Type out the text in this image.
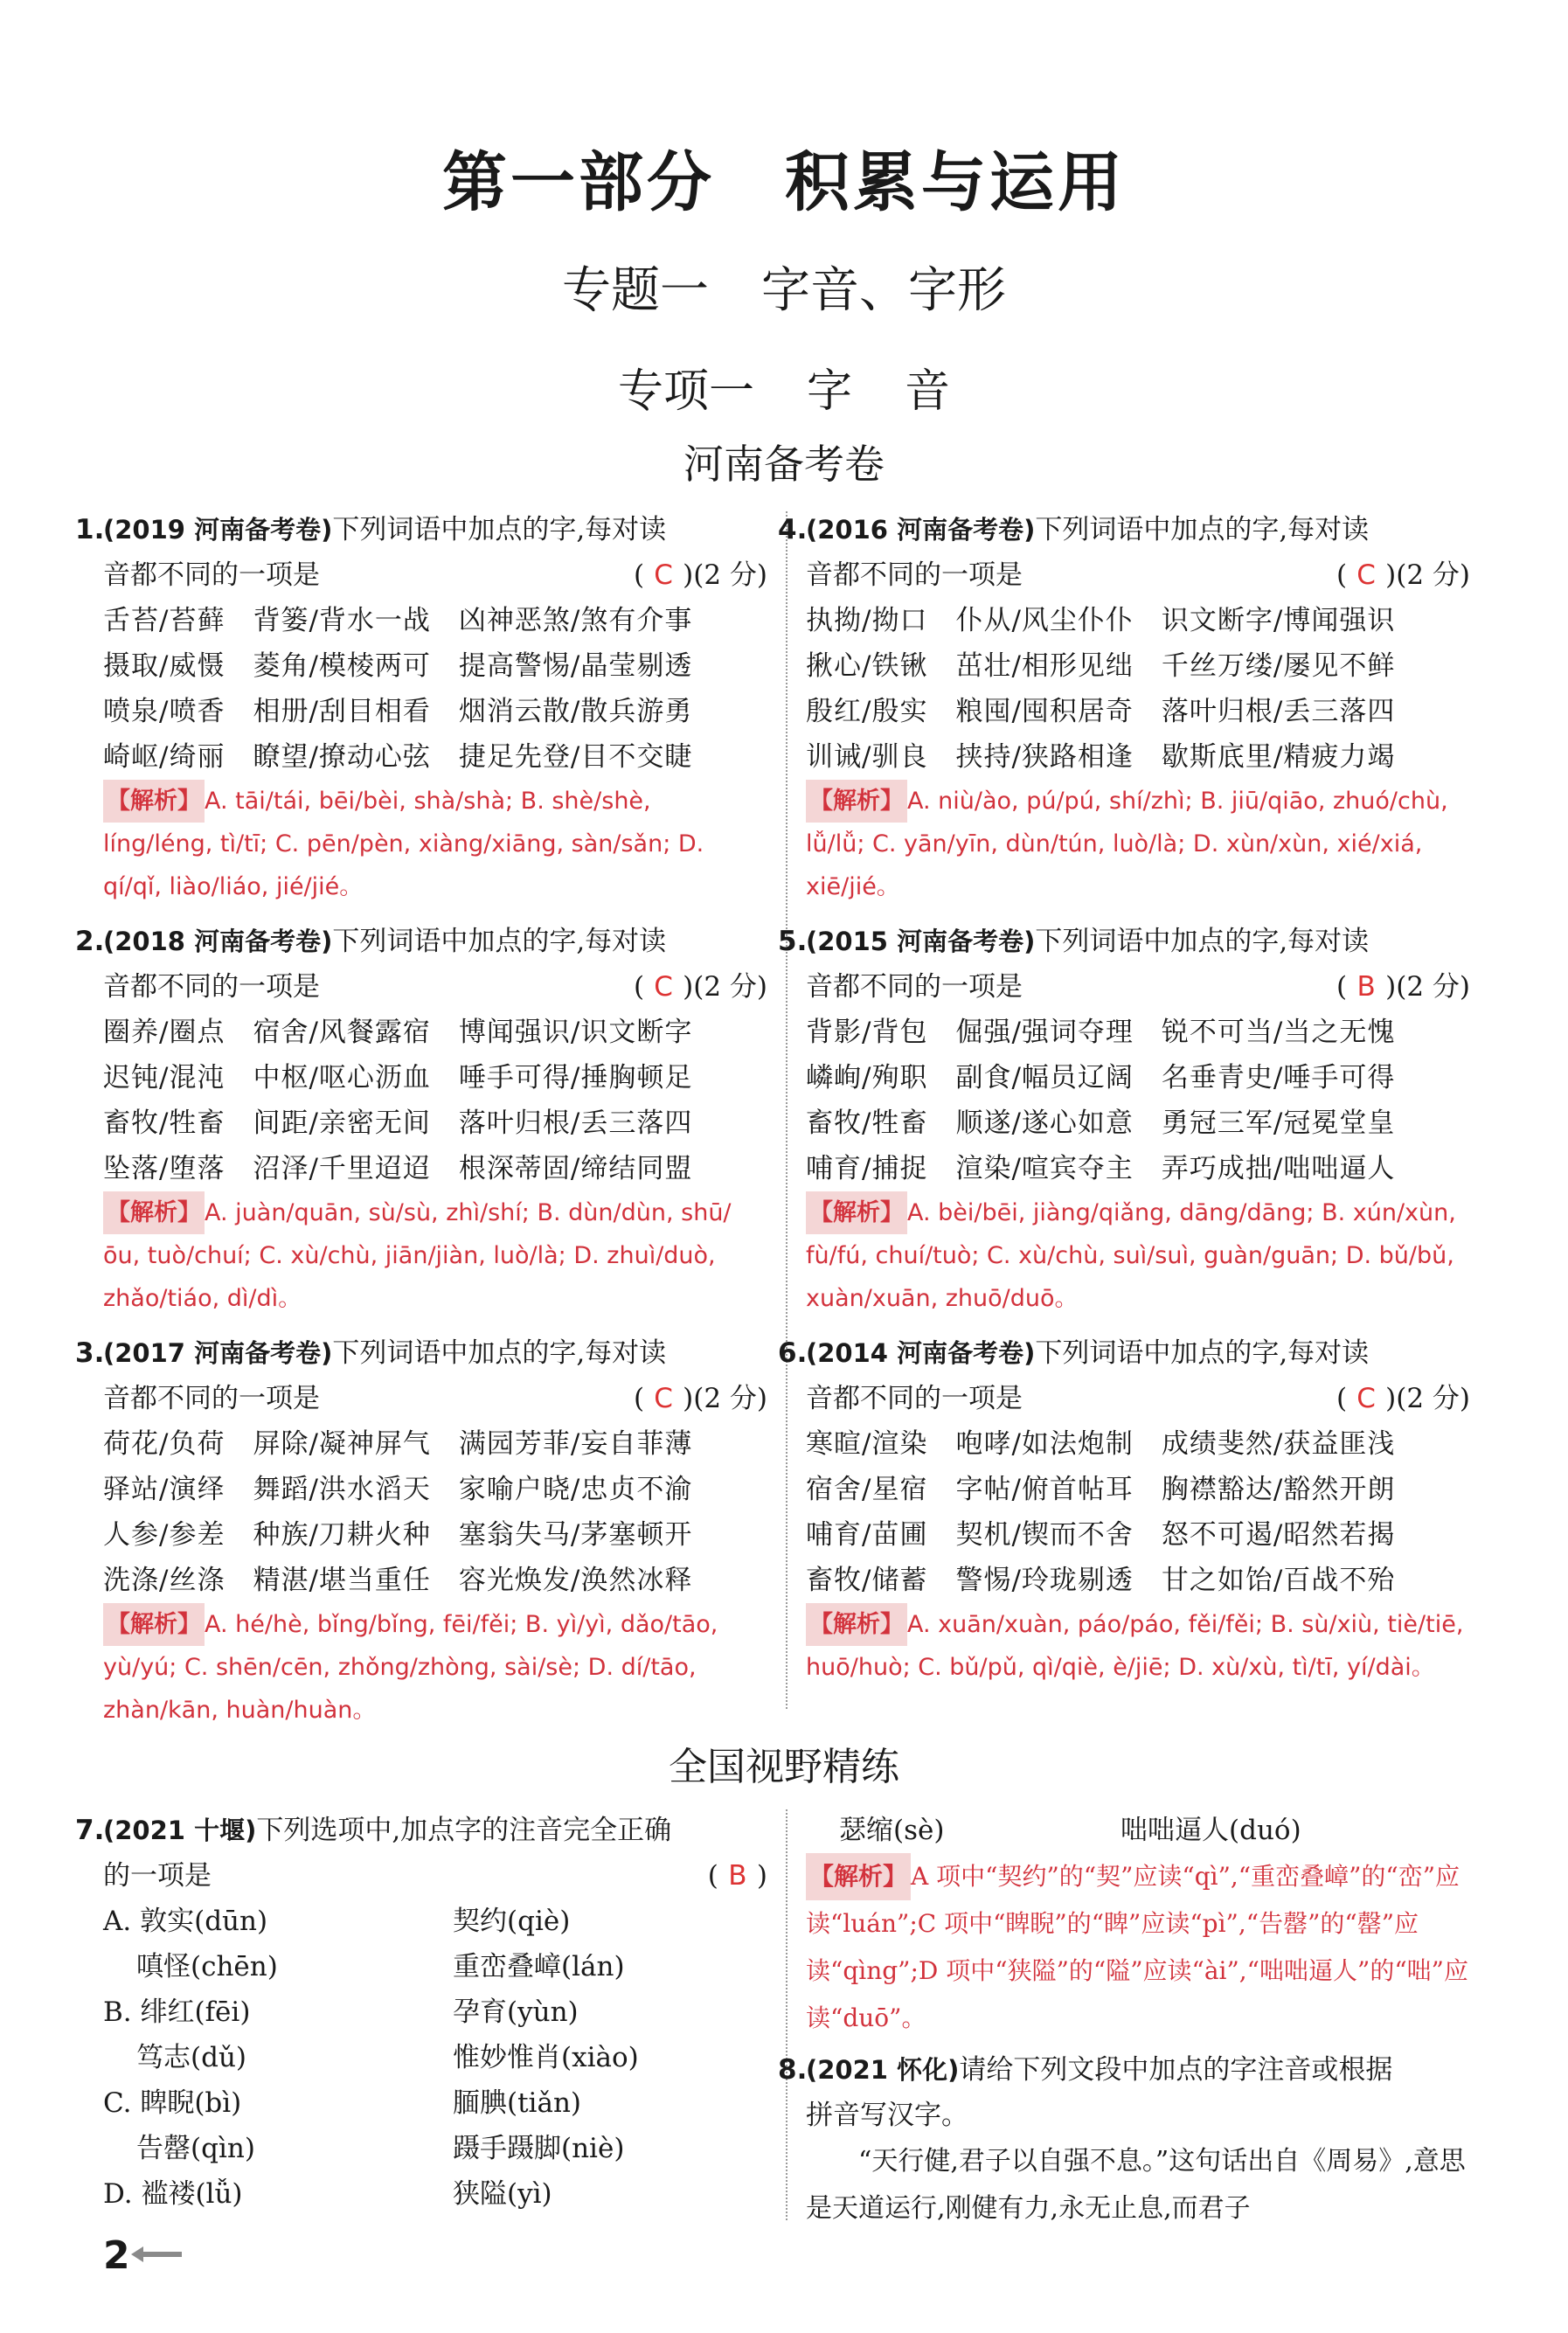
第一部分 积累与运用
专题一 字音、字形
专项一 字 音
河南备考卷
1.(2019 河南备考卷)下列词语中加点的字,每对读
音都不同的一项是	( C )(2 分)
舌苔/苔藓　背篓/背水一战　凶神恶煞/煞有介事
摄取/威慑　菱角/模棱两可　提高警惕/晶莹剔透
喷泉/喷香　相册/刮目相看　烟消云散/散兵游勇
崎岖/绮丽　瞭望/撩动心弦　捷足先登/目不交睫
【解析】 A. tāi/tái, bēi/bèi, shà/shà; B. shè/shè, líng/léng, tì/tī; C. pēn/pèn, xiàng/xiāng, sàn/sǎn; D. qí/qǐ, liào/liáo, jié/jié。
2.(2018 河南备考卷)下列词语中加点的字,每对读
音都不同的一项是	( C )(2 分)
圈养/圈点　宿舍/风餐露宿　博闻强识/识文断字
迟钝/混沌　中枢/呕心沥血　唾手可得/捶胸顿足
畜牧/牲畜　间距/亲密无间　落叶归根/丢三落四
坠落/堕落　沼泽/千里迢迢　根深蒂固/缔结同盟
【解析】 A. juàn/quān, sù/sù, zhì/shí; B. dùn/dùn, shū/ōu, tuò/chuí; C. xù/chù, jiān/jiàn, luò/là; D. zhuì/duò, zhǎo/tiáo, dì/dì。
3.(2017 河南备考卷)下列词语中加点的字,每对读
音都不同的一项是	( C )(2 分)
荷花/负荷　屏除/凝神屏气　满园芳菲/妄自菲薄
驿站/演绎　舞蹈/洪水滔天　家喻户晓/忠贞不渝
人参/参差　种族/刀耕火种　塞翁失马/茅塞顿开
洗涤/丝涤　精湛/堪当重任　容光焕发/涣然冰释
【解析】 A. hé/hè, bǐng/bǐng, fēi/fěi; B. yì/yì, dǎo/tāo, yù/yú; C. shēn/cēn, zhǒng/zhòng, sài/sè; D. dí/tāo, zhàn/kān, huàn/huàn。
4.(2016 河南备考卷)下列词语中加点的字,每对读
音都不同的一项是	( C )(2 分)
执拗/拗口　仆从/风尘仆仆　识文断字/博闻强识
揪心/铁锹　茁壮/相形见绌　千丝万缕/屡见不鲜
殷红/殷实　粮囤/囤积居奇　落叶归根/丢三落四
训诫/驯良　挟持/狭路相逢　歇斯底里/精疲力竭
【解析】 A. niù/ào, pú/pú, shí/zhì; B. jiū/qiāo, zhuó/chù, lǚ/lǚ; C. yān/yīn, dùn/tún, luò/là; D. xùn/xùn, xié/xiá, xiē/jié。
5.(2015 河南备考卷)下列词语中加点的字,每对读
音都不同的一项是	( B )(2 分)
背影/背包　倔强/强词夺理　锐不可当/当之无愧
嶙峋/殉职　副食/幅员辽阔　名垂青史/唾手可得
畜牧/牲畜　顺遂/遂心如意　勇冠三军/冠冕堂皇
哺育/捕捉　渲染/喧宾夺主　弄巧成拙/咄咄逼人
【解析】 A. bèi/bēi, jiàng/qiǎng, dāng/dāng; B. xún/xùn, fù/fú, chuí/tuò; C. xù/chù, suì/suì, guàn/guān; D. bǔ/bǔ, xuàn/xuān, zhuō/duō。
6.(2014 河南备考卷)下列词语中加点的字,每对读
音都不同的一项是	( C )(2 分)
寒暄/渲染　咆哮/如法炮制　成绩斐然/获益匪浅
宿舍/星宿　字帖/俯首帖耳　胸襟豁达/豁然开朗
哺育/苗圃　契机/锲而不舍　怒不可遏/昭然若揭
畜牧/储蓄　警惕/玲珑剔透　甘之如饴/百战不殆
【解析】 A. xuān/xuàn, páo/páo, fěi/fěi; B. sù/xiù, tiè/tiē, huō/huò; C. bǔ/pǔ, qì/qiè, è/jiē; D. xù/xù, tì/tī, yí/dài。
全国视野精练
7.(2021 十堰)下列选项中,加点字的注音完全正确
的一项是	( B )
A. 敦实(dūn)	契约(qiè)
嗔怪(chēn)	重峦叠嶂(lán)
B. 绯红(fēi)	孕育(yùn)
笃志(dǔ)	惟妙惟肖(xiào)
C. 睥睨(bì)	腼腆(tiǎn)
告罄(qìn)	蹑手蹑脚(niè)
D. 褴褛(lǚ)	狭隘(yì)
瑟缩(sè)	咄咄逼人(duó)
【解析】 A 项中“契约”的“契”应读“qì”,“重峦叠嶂”的“峦”应读“luán”;C 项中“睥睨”的“睥”应读“pì”,“告罄”的“罄”应读“qìng”;D 项中“狭隘”的“隘”应读“ài”,“咄咄逼人”的“咄”应读“duō”。
8.(2021 怀化)请给下列文段中加点的字注音或根据
拼音写汉字。
“天行健,君子以自强不息。”这句话出自《周易》,意思是天道运行,刚健有力,永无止息,而君子
2
